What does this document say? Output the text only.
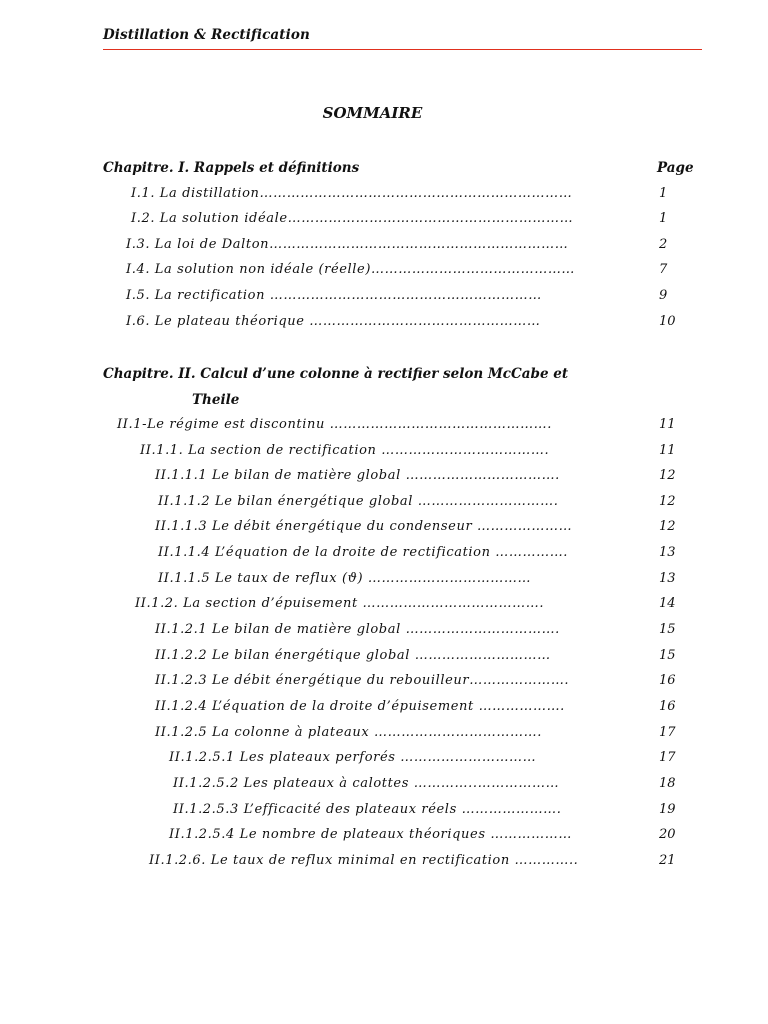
Distillation & Rectification
SOMMAIRE
Chapitre. I. Rappels et définitions	Page
I.1. La distillation……………………………………………………………	1
I.2. La solution idéale………………………………………………………	1
I.3. La loi de Dalton…………………………………………………………	2
I.4. La solution non idéale (réelle)………………………………………	7
I.5. La rectification ……………………………………………………	9
I.6. Le plateau théorique ……………………………………………	10
Chapitre. II. Calcul d’une colonne à rectifier selon McCabe et
Theile
II.1-Le régime est discontinu ………………………………………….	11
II.1.1. La section de rectification ……………………………….	11
II.1.1.1 Le bilan de matière global …………………………….	12
II.1.1.2 Le bilan énergétique global ………………………….	12
II.1.1.3 Le débit énergétique du condenseur …………………	12
II.1.1.4 L’équation de la droite de rectification …………….	13
II.1.1.5 Le taux de reflux (ϑ) ………………………………	13
II.1.2. La section d’épuisement ………………………………….	14
II.1.2.1 Le bilan de matière global …………………………….	15
II.1.2.2 Le bilan énergétique global …………………………	15
II.1.2.3 Le débit énergétique du rebouilleur………………….	16
II.1.2.4 L’équation de la droite d’épuisement ……………….	16
II.1.2.5 La colonne à plateaux ……………………………….	17
II.1.2.5.1 Les plateaux perforés …………………………	17
II.1.2.5.2 Les plateaux à calottes …………..………………	18
II.1.2.5.3 L’efficacité des plateaux réels ………………….	19
II.1.2.5.4 Le nombre de plateaux théoriques ………………	20
II.1.2.6. Le taux de reflux minimal en rectification …………..	21
